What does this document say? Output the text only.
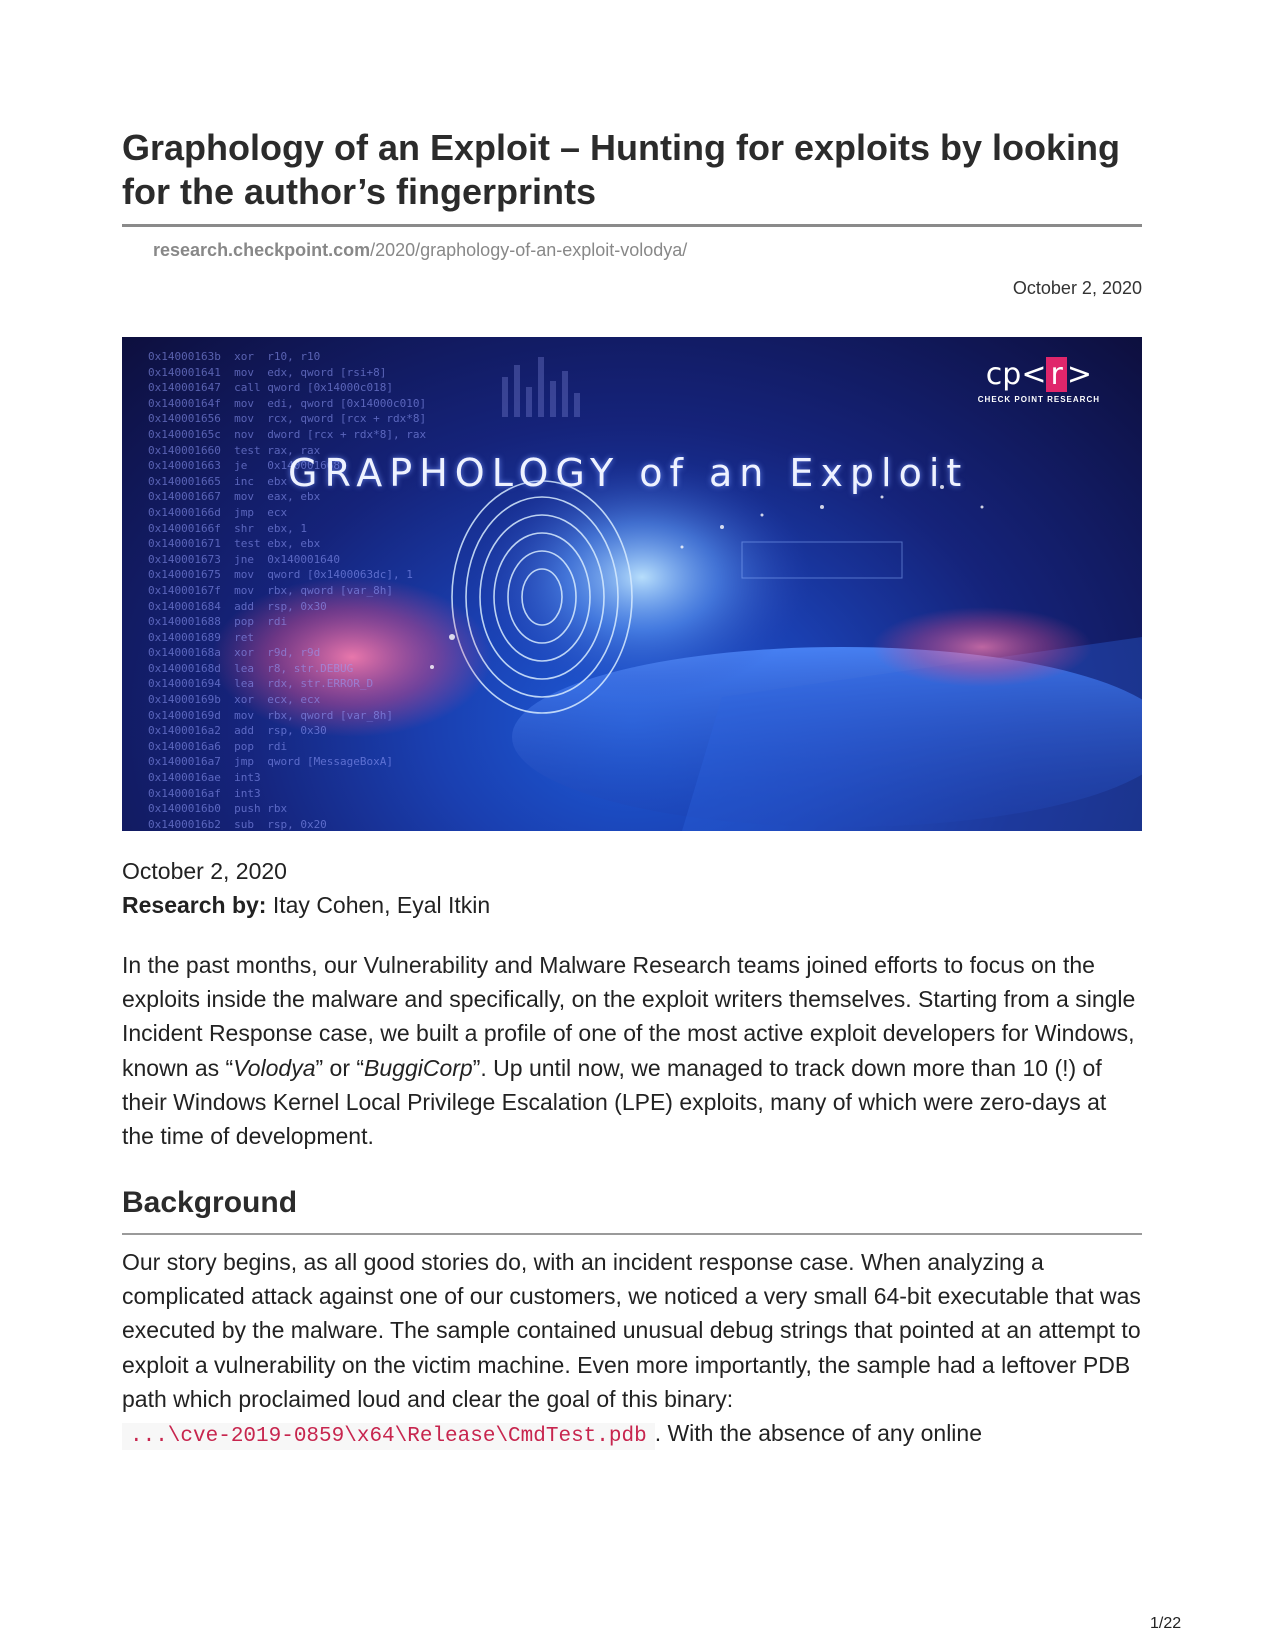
Graphology of an Exploit – Hunting for exploits by looking for the author’s fingerprints
research.checkpoint.com/2020/graphology-of-an-exploit-volodya/
October 2, 2020
0x14000163b  xor  r10, r10
0x140001641  mov  edx, qword [rsi+8]
0x140001647  call qword [0x14000c018]
0x14000164f  mov  edi, qword [0x14000c010]
0x140001656  mov  rcx, qword [rcx + rdx*8]
0x14000165c  nov  dword [rcx + rdx*8], rax
0x140001660  test rax, rax
0x140001663  je   0x140001668
0x140001665  inc  ebx
0x140001667  mov  eax, ebx
0x14000166d  jmp  ecx
0x14000166f  shr  ebx, 1
0x140001671  test ebx, ebx
0x140001673  jne  0x140001640
0x140001675  mov  qword [0x1400063dc], 1
0x14000167f  mov  rbx, qword [var_8h]
0x140001684  add  rsp, 0x30
0x140001688  pop  rdi
0x140001689  ret
0x14000168a  xor  r9d, r9d
0x14000168d  lea  r8, str.DEBUG
0x140001694  lea  rdx, str.ERROR_D
0x14000169b  xor  ecx, ecx
0x14000169d  mov  rbx, qword [var_8h]
0x1400016a2  add  rsp, 0x30
0x1400016a6  pop  rdi
0x1400016a7  jmp  qword [MessageBoxA]
0x1400016ae  int3
0x1400016af  int3
0x1400016b0  push rbx
0x1400016b2  sub  rsp, 0x20

GRAPHOLOGY of an Exploit
cp< r >
CHECK POINT RESEARCH
October 2, 2020
Research by: Itay Cohen, Eyal Itkin

In the past months, our Vulnerability and Malware Research teams joined efforts to focus on the exploits inside the malware and specifically, on the exploit writers themselves. Starting from a single Incident Response case, we built a profile of one of the most active exploit developers for Windows, known as “Volodya” or “BuggiCorp”. Up until now, we managed to track down more than 10 (!) of their Windows Kernel Local Privilege Escalation (LPE) exploits, many of which were zero-days at the time of development.

Background

Our story begins, as all good stories do, with an incident response case. When analyzing a complicated attack against one of our customers, we noticed a very small 64-bit executable that was executed by the malware. The sample contained unusual debug strings that pointed at an attempt to exploit a vulnerability on the victim machine. Even more importantly, the sample had a leftover PDB path which proclaimed loud and clear the goal of this binary:
...\cve-2019-0859\x64\Release\CmdTest.pdb . With the absence of any online

1/22
